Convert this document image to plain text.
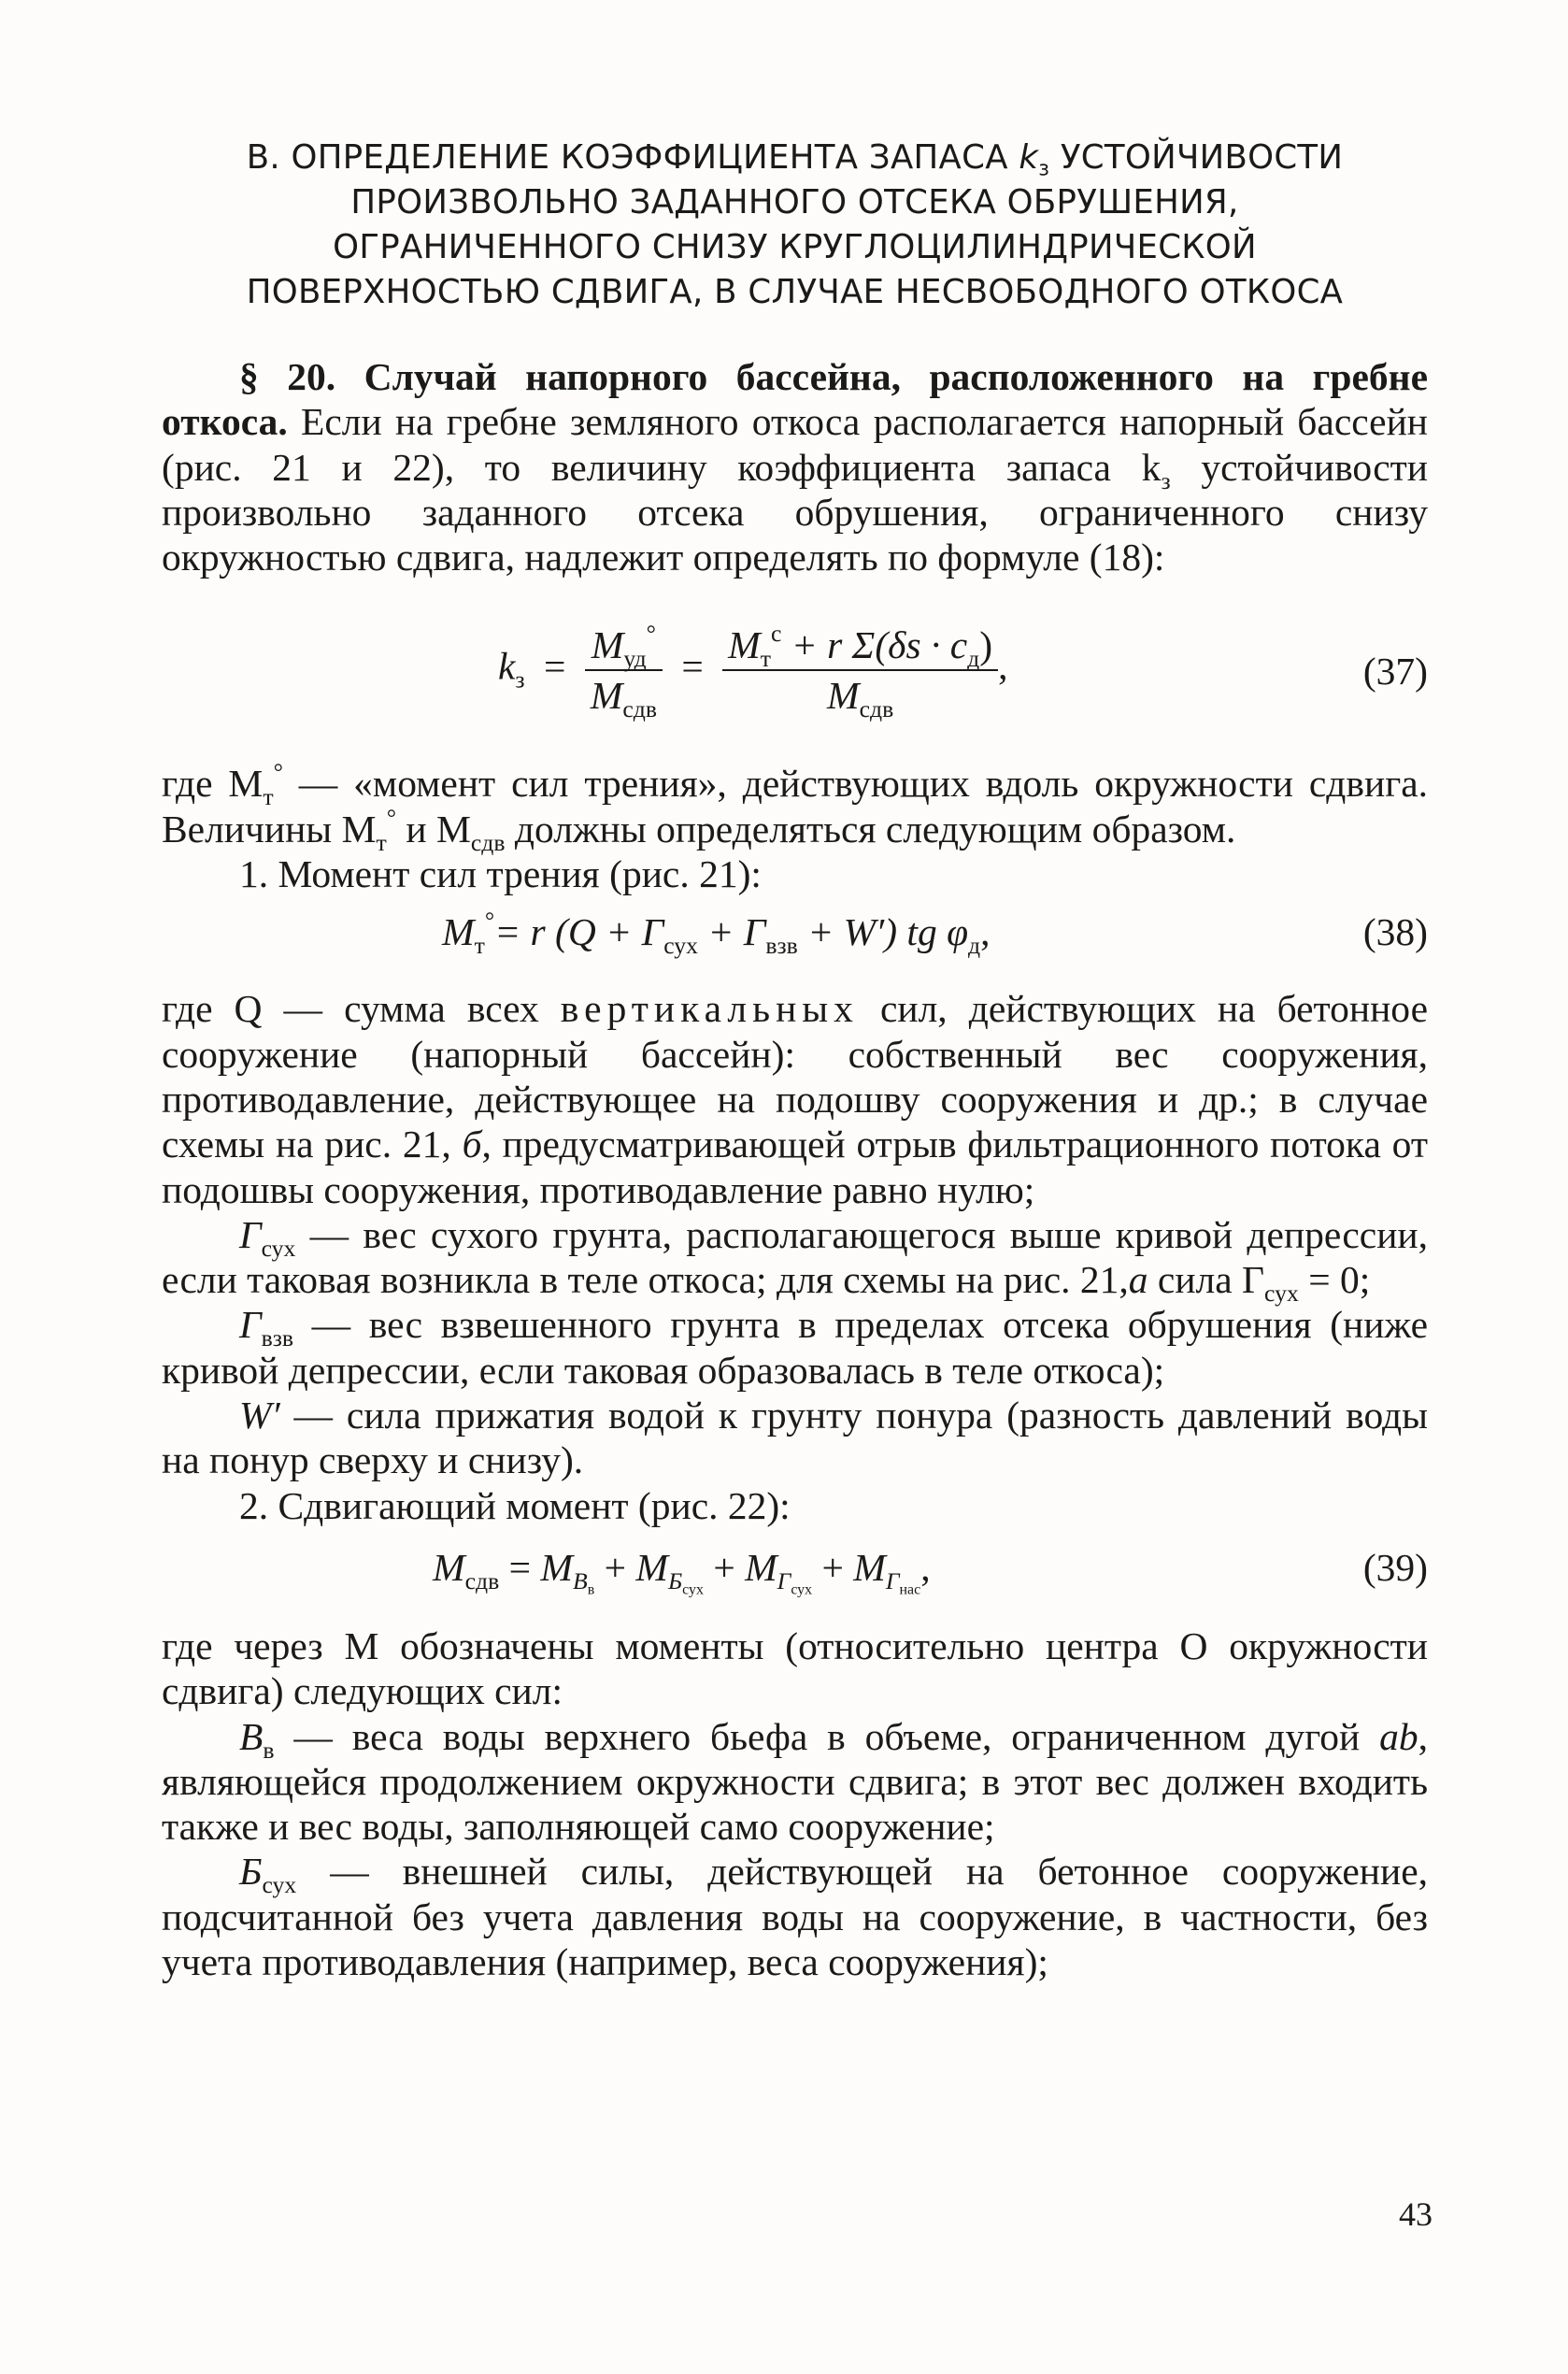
В. ОПРЕДЕЛЕНИЕ КОЭФФИЦИЕНТА ЗАПАСА $k_з$ УСТОЙЧИВОСТИ
ПРОИЗВОЛЬНО ЗАДАННОГО ОТСЕКА ОБРУШЕНИЯ,
ОГРАНИЧЕННОГО СНИЗУ КРУГЛОЦИЛИНДРИЧЕСКОЙ
ПОВЕРХНОСТЬЮ СДВИГА, В СЛУЧАЕ НЕСВОБОДНОГО ОТКОСА

§ 20. Случай напорного бассейна, расположенного на гребне откоса. Если на гребне земляного откоса располагается напорный бассейн (рис. 21 и 22), то величину коэффициента запаса $k_з$ устойчивости произвольно заданного отсека обрушения, ограниченного снизу окружностью сдвига, надлежит определять по формуле (18):

$k_з = \frac{M_{уд}^\circ}{M_{сдв}} = \frac{M_т^c + r \Sigma(\delta s \cdot c_д)}{M_{сдв}}$ ,	(37)

где $M_т^\circ$ — «момент сил трения», действующих вдоль окружности сдвига. Величины $M_т^\circ$ и $M_{сдв}$ должны определяться следующим образом.

1. Момент сил трения (рис. 21):

$M_т^\circ= r$ $(Q + Г_{сух} + Г_{взв} + W')$ tg $\varphi_д$,	(38)

где Q — сумма всех вертикальных сил, действующих на бетонное сооружение (напорный бассейн): собственный вес сооружения, противодавление, действующее на подошву сооружения и др.; в случае схемы на рис. 21, б, предусматривающей отрыв фильтрационного потока от подошвы сооружения, противодавление равно нулю;

$Г_{сух}$ — вес сухого грунта, располагающегося выше кривой депрессии, если таковая возникла в теле откоса; для схемы на рис. 21,а сила $Г_{сух} = 0$;

$Г_{взв}$ — вес взвешенного грунта в пределах отсека обрушения (ниже кривой депрессии, если таковая образовалась в теле откоса);

W′ — сила прижатия водой к грунту понура (разность давлений воды на понур сверху и снизу).

2. Сдвигающий момент (рис. 22):

$M_{сдв} = M_{B_в} + M_{Б_{сух}} + M_{Г_{сух}} + M_{Г_{нас}}$,	(39)

где через M обозначены моменты (относительно центра O окружности сдвига) следующих сил:

$B_в$ — веса воды верхнего бьефа в объеме, ограниченном дугой ab, являющейся продолжением окружности сдвига; в этот вес должен входить также и вес воды, заполняющей само сооружение;

$Б_{сух}$ — внешней силы, действующей на бетонное сооружение, подсчитанной без учета давления воды на сооружение, в частности, без учета противодавления (например, веса сооружения);

43
